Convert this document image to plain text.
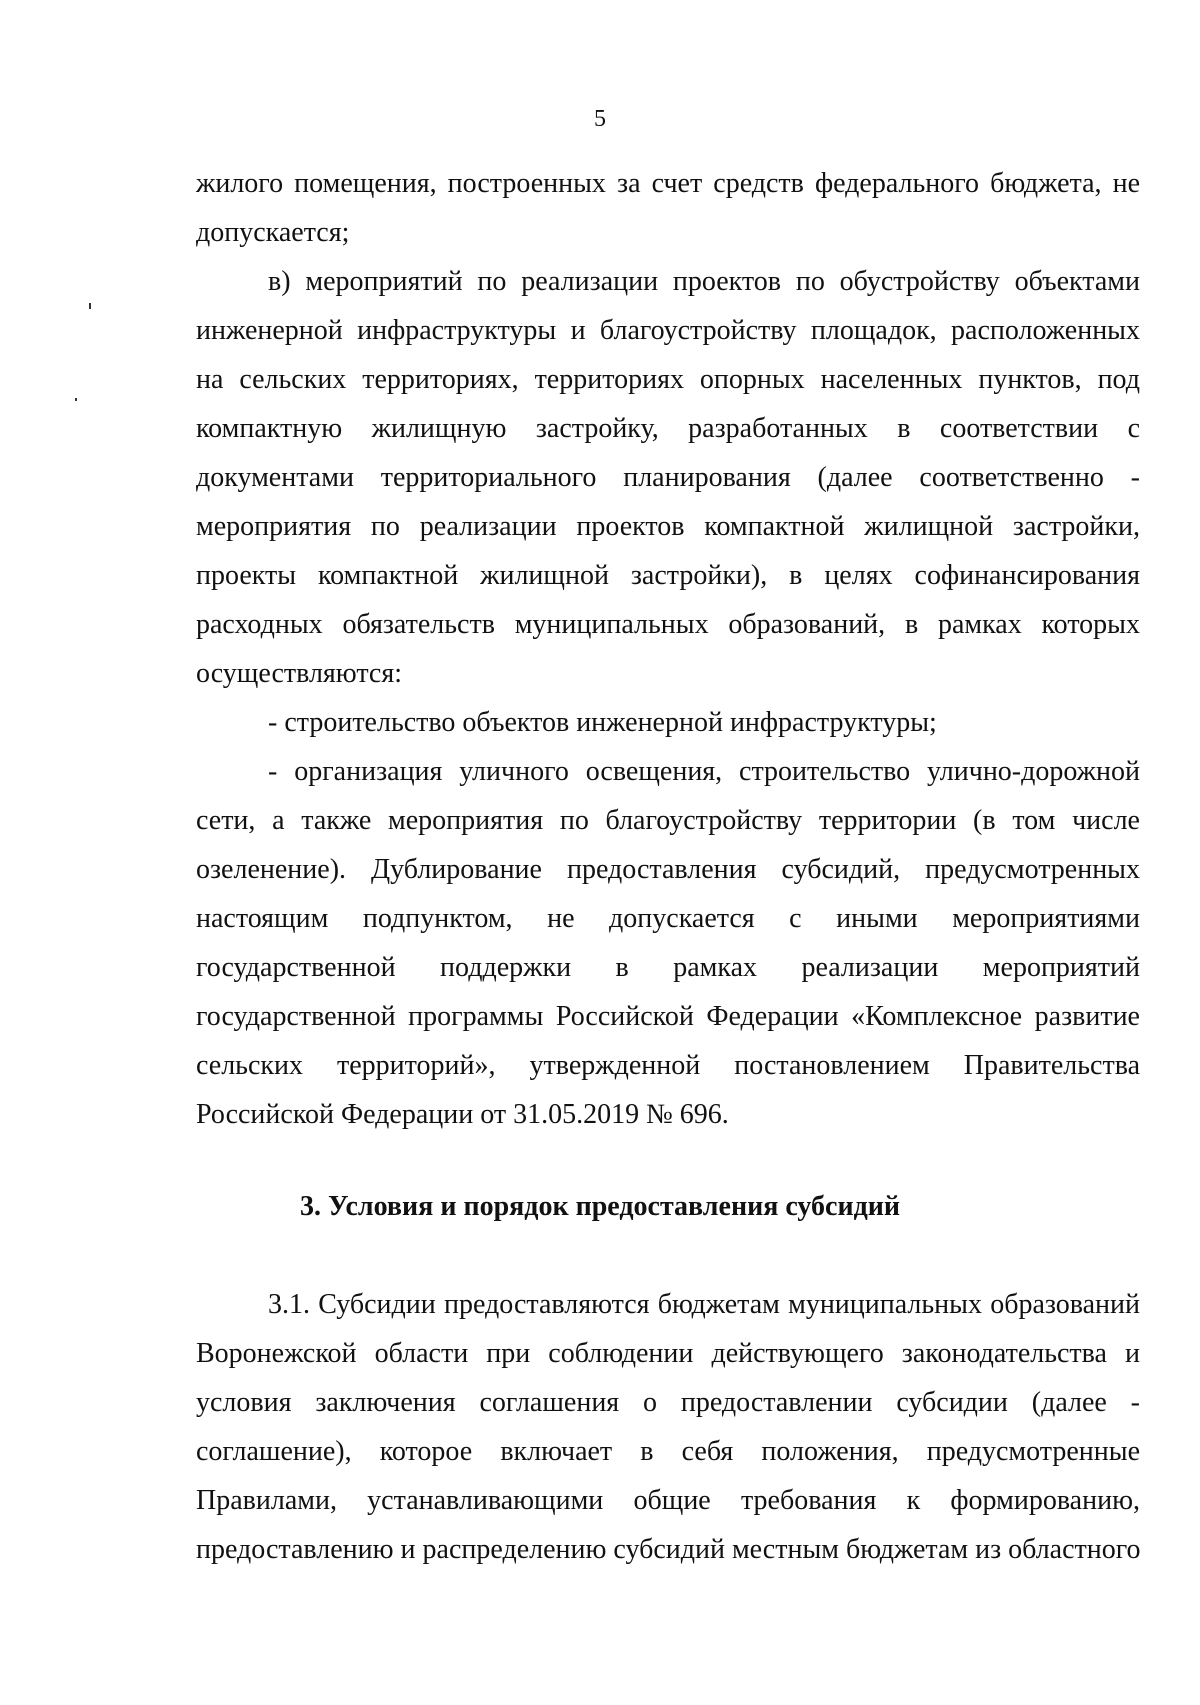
5
жилого помещения, построенных за счет средств федерального бюджета, не
допускается;
в) мероприятий по реализации проектов по обустройству объектами
инженерной инфраструктуры и благоустройству площадок, расположенных
на сельских территориях, территориях опорных населенных пунктов, под
компактную жилищную застройку, разработанных в соответствии с
документами территориального планирования (далее соответственно -
мероприятия по реализации проектов компактной жилищной застройки,
проекты компактной жилищной застройки), в целях софинансирования
расходных обязательств муниципальных образований, в рамках которых
осуществляются:
- строительство объектов инженерной инфраструктуры;
- организация уличного освещения, строительство улично-дорожной
сети, а также мероприятия по благоустройству территории (в том числе
озеленение). Дублирование предоставления субсидий, предусмотренных
настоящим подпунктом, не допускается с иными мероприятиями
государственной поддержки в рамках реализации мероприятий
государственной программы Российской Федерации «Комплексное развитие
сельских территорий», утвержденной постановлением Правительства
Российской Федерации от 31.05.2019 № 696.
3. Условия и порядок предоставления субсидий
3.1. Субсидии предоставляются бюджетам муниципальных образований
Воронежской области при соблюдении действующего законодательства и
условия заключения соглашения о предоставлении субсидии (далее -
соглашение), которое включает в себя положения, предусмотренные
Правилами, устанавливающими общие требования к формированию,
предоставлению и распределению субсидий местным бюджетам из областного
